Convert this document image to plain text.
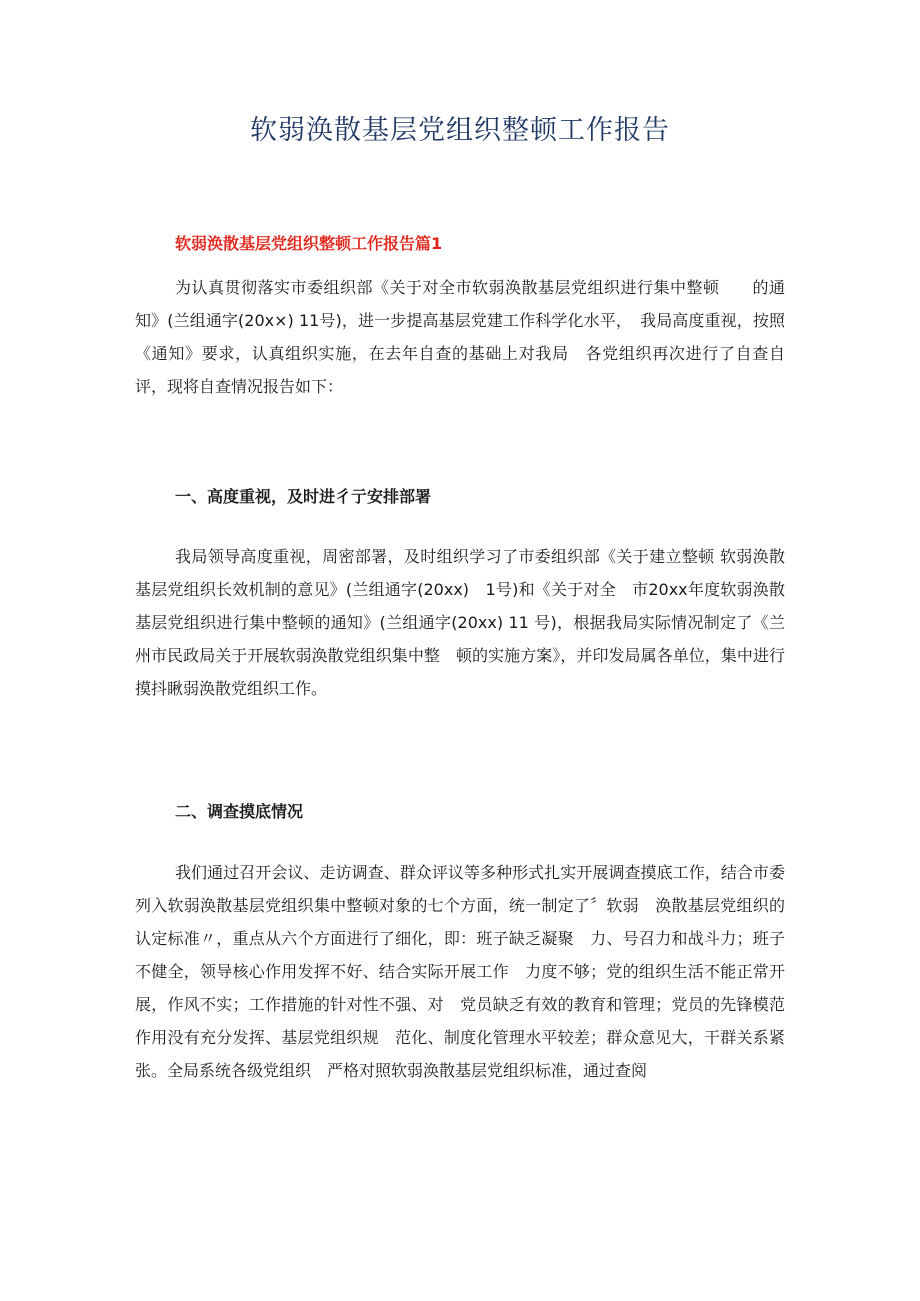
软弱涣散基层党组织整顿工作报告

软弱涣散基层党组织整顿工作报告篇1

为认真贯彻落实市委组织部《关于对全市软弱涣散基层党组织进行集中整顿　　的通知》(兰组通字(20x×) 11号)，进一步提高基层党建工作科学化水平，　我局高度重视，按照《通知》要求，认真组织实施，在去年自查的基础上对我局　各党组织再次进行了自查自评，现将自查情况报告如下：

一、高度重视，及时进彳亍安排部署

我局领导高度重视，周密部署，及时组织学习了市委组织部《关于建立整顿 软弱涣散基层党组织长效机制的意见》(兰组通字(20xx)　1号)和《关于对全　市20xx年度软弱涣散基层党组织进行集中整顿的通知》(兰组通字(20xx) 11 号)，根据我局实际情况制定了《兰州市民政局关于开展软弱涣散党组织集中整　顿的实施方案》，并印发局属各单位，集中进行摸抖瞅弱涣散党组织工作。

二、调查摸底情况

我们通过召开会议、走访调查、群众评议等多种形式扎实开展调查摸底工作，结合市委列入软弱涣散基层党组织集中整顿对象的七个方面，统一制定了〞软弱　涣散基层党组织的认定标准〃，重点从六个方面进行了细化，即：班子缺乏凝聚　力、号召力和战斗力；班子不健全，领导核心作用发挥不好、结合实际开展工作　力度不够；党的组织生活不能正常开展，作风不实；工作措施的针对性不强、对　党员缺乏有效的教育和管理；党员的先锋模范作用没有充分发挥、基层党组织规　范化、制度化管理水平较差；群众意见大，干群关系紧张。全局系统各级党组织　严格对照软弱涣散基层党组织标准，通过查阅
